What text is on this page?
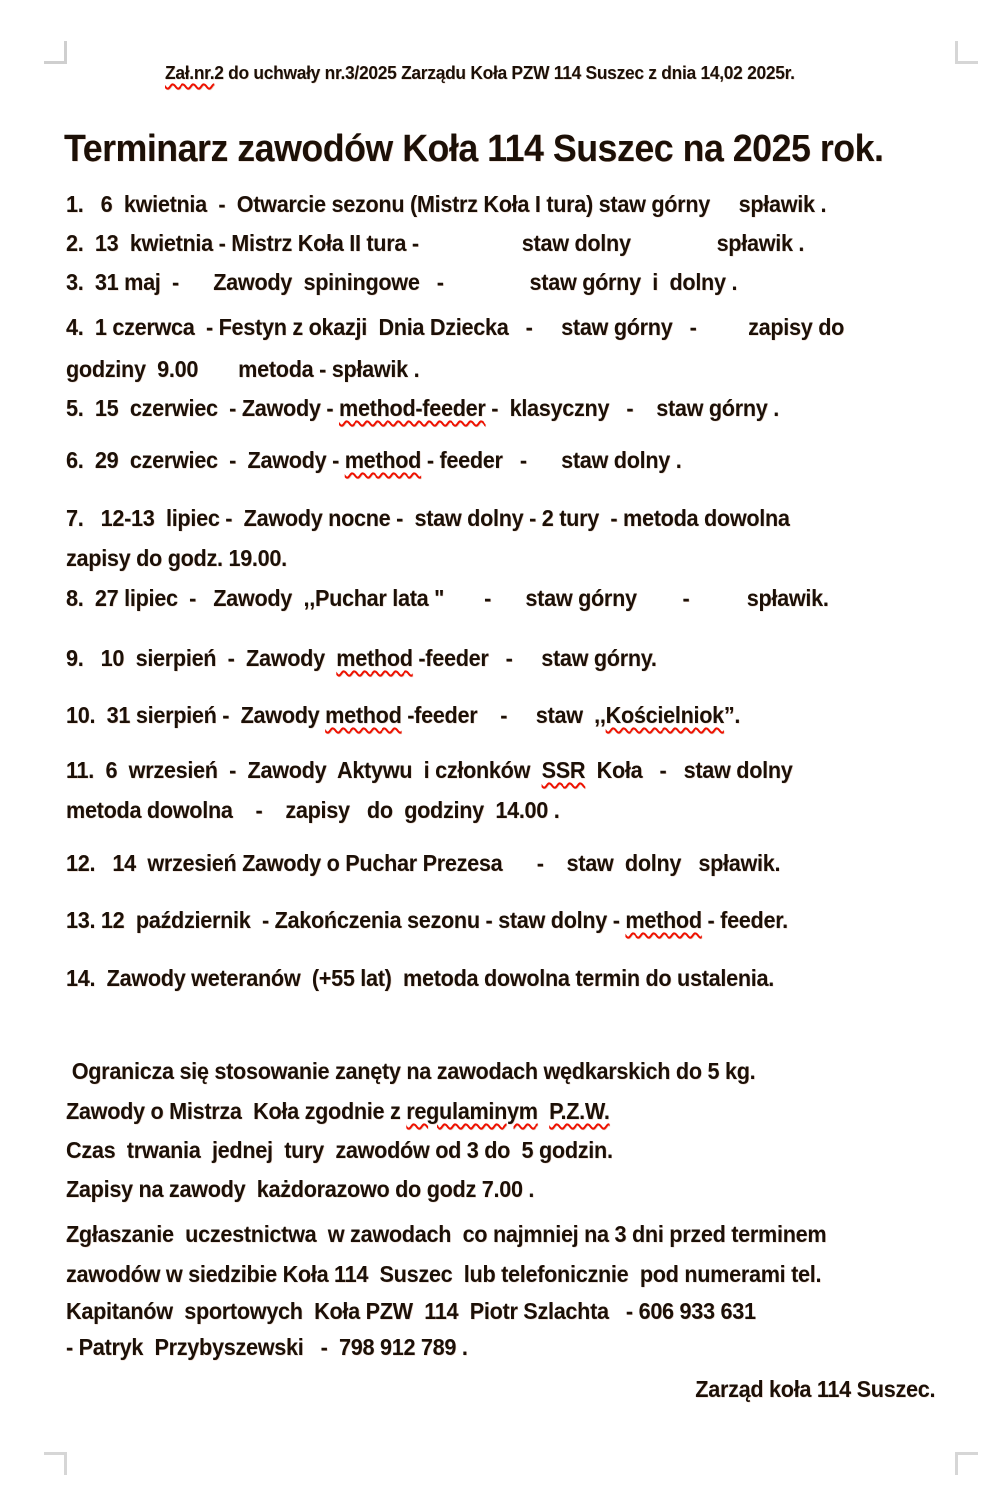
Zał.nr.2 do uchwały nr.3/2025 Zarządu Koła PZW 114 Suszec z dnia 14,02 2025r.
Terminarz zawodów Koła 114 Suszec na 2025 rok.
1.   6  kwietnia  -  Otwarcie sezonu (Mistrz Koła I tura) staw górny     spławik .
2.  13  kwietnia - Mistrz Koła II tura -                  staw dolny               spławik .
3.  31 maj  -      Zawody  spiningowe   -               staw górny  i  dolny .
4.  1 czerwca  - Festyn z okazji  Dnia Dziecka   -     staw górny   -         zapisy do
godziny  9.00       metoda - spławik .
5.  15  czerwiec  - Zawody - method-feeder -  klasyczny   -    staw górny .
6.  29  czerwiec  -  Zawody - method - feeder   -      staw dolny .
7.   12-13  lipiec -  Zawody nocne -  staw dolny - 2 tury  - metoda dowolna
zapisy do godz. 19.00.
8.  27 lipiec  -   Zawody  ,,Puchar lata "       -      staw górny        -          spławik.
9.   10  sierpień  -  Zawody  method -feeder   -     staw górny.
10.  31 sierpień -  Zawody method -feeder    -     staw  ,,Kościelniok”.
11.  6  wrzesień  -  Zawody  Aktywu  i członków  SSR  Koła   -   staw dolny
metoda dowolna    -    zapisy   do  godziny  14.00 .
12.   14  wrzesień Zawody o Puchar Prezesa      -    staw  dolny   spławik.
13. 12  październik  - Zakończenia sezonu - staw dolny - method - feeder.
14.  Zawody weteranów  (+55 lat)  metoda dowolna termin do ustalenia.
Ogranicza się stosowanie zanęty na zawodach wędkarskich do 5 kg.
Zawody o Mistrza  Koła zgodnie z regulaminym P.Z.W.
Czas  trwania  jednej  tury  zawodów od 3 do  5 godzin.
Zapisy na zawody  każdorazowo do godz 7.00 .
Zgłaszanie  uczestnictwa  w zawodach  co najmniej na 3 dni przed terminem
zawodów w siedzibie Koła 114  Suszec  lub telefonicznie  pod numerami tel.
Kapitanów  sportowych  Koła PZW  114  Piotr Szlachta   - 606 933 631
- Patryk  Przybyszewski   -  798 912 789 .
Zarząd koła 114 Suszec.
